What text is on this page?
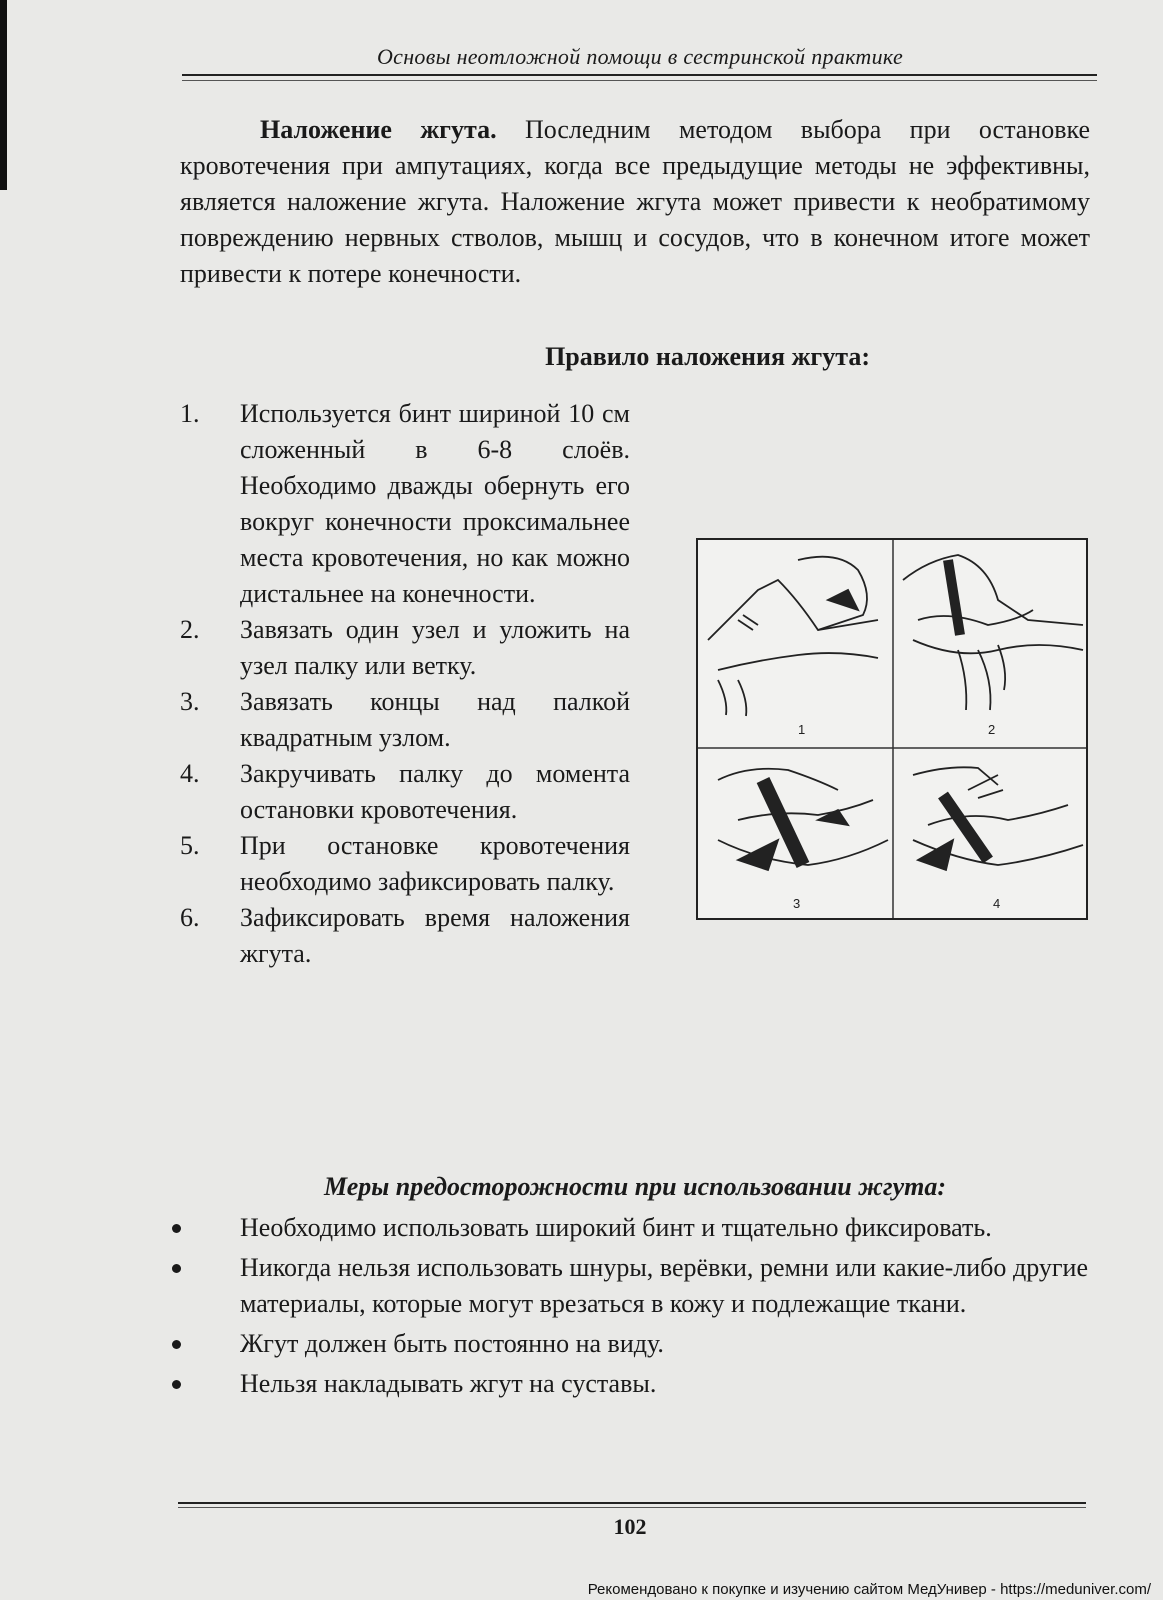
Основы неотложной помощи в сестринской практике

Наложение жгута. Последним методом выбора при остановке кровотечения при ампутациях, когда все предыдущие методы не эффективны, является наложение жгута. Наложение жгута может привести к необратимому повреждению нервных стволов, мышц и сосудов, что в конечном итоге может привести к потере конечности.

Правило наложения жгута:
1.	Используется бинт шириной 10 см сложенный в 6-8 слоёв. Необходимо дважды обернуть его вокруг конечности проксимальнее места кровотечения, но как можно дистальнее на конечности.
2.	Завязать один узел и уложить на узел палку или ветку.
3.	Завязать концы над палкой квадратным узлом.
4.	Закручивать палку до момента остановки кровотечения.
5.	При остановке кровотечения необходимо зафиксировать палку.
6.	Зафиксировать время наложения жгута.
1	2
3	4
Меры предосторожности при использовании жгута:
Необходимо использовать широкий бинт и тщательно фиксировать.
Никогда нельзя использовать шнуры, верёвки, ремни или какие-либо другие материалы, которые могут врезаться в кожу и подлежащие ткани.
Жгут должен быть постоянно на виду.
Нельзя накладывать жгут на суставы.
102
Рекомендовано к покупке и изучению сайтом МедУнивер - https://meduniver.com/
